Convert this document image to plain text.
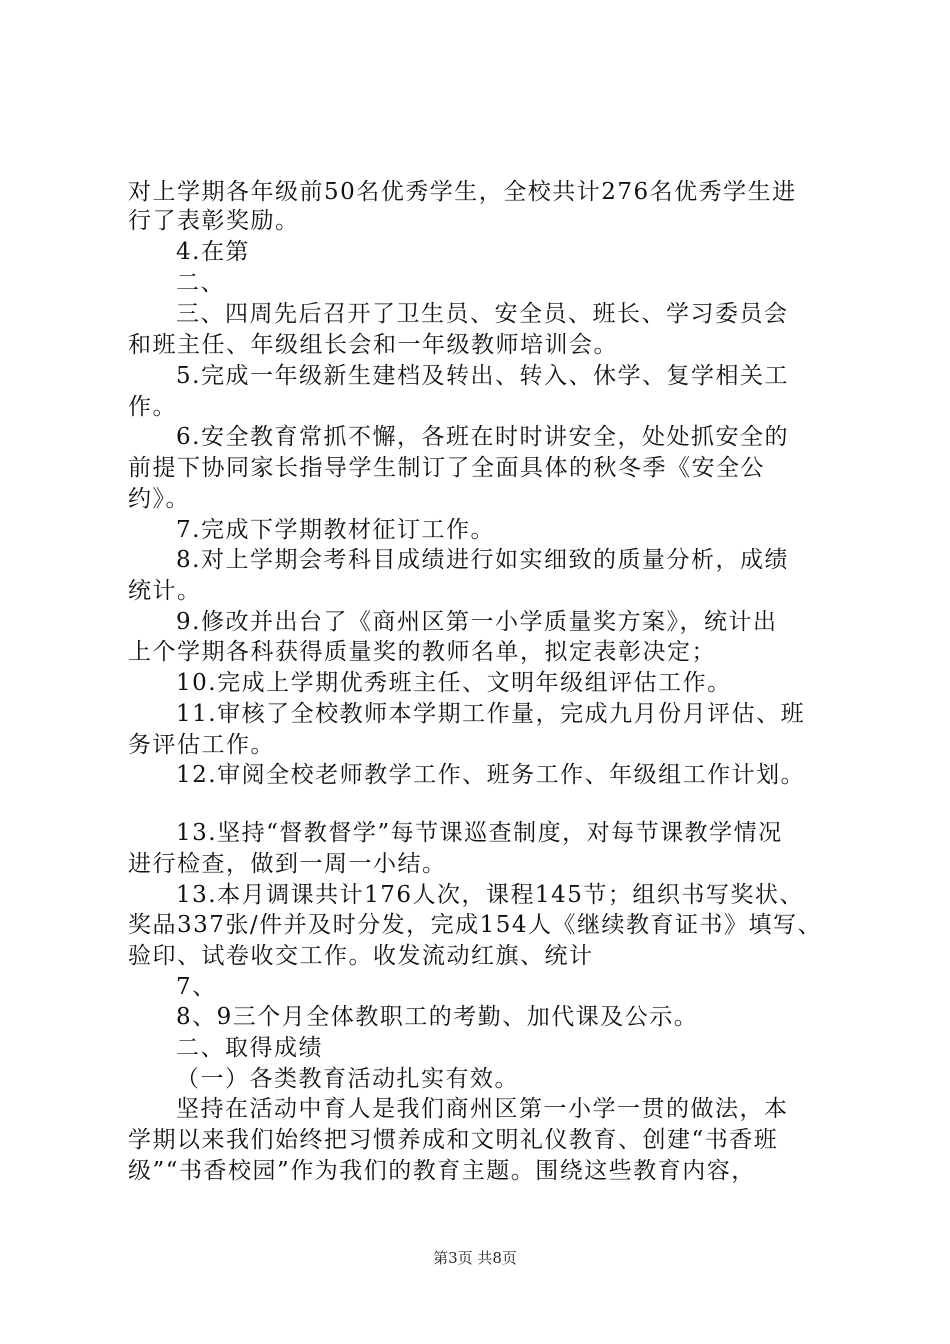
对上学期各年级前50名优秀学生，全校共计276名优秀学生进
行了表彰奖励。
4.在第
二、
三、四周先后召开了卫生员、安全员、班长、学习委员会
和班主任、年级组长会和一年级教师培训会。
5.完成一年级新生建档及转出、转入、休学、复学相关工
作。
6.安全教育常抓不懈，各班在时时讲安全，处处抓安全的
前提下协同家长指导学生制订了全面具体的秋冬季《安全公
约》。
7.完成下学期教材征订工作。
8.对上学期会考科目成绩进行如实细致的质量分析，成绩
统计。
9.修改并出台了《商州区第一小学质量奖方案》，统计出
上个学期各科获得质量奖的教师名单，拟定表彰决定；
10.完成上学期优秀班主任、文明年级组评估工作。
11.审核了全校教师本学期工作量，完成九月份月评估、班
务评估工作。
12.审阅全校老师教学工作、班务工作、年级组工作计划。
13.坚持“督教督学”每节课巡查制度，对每节课教学情况
进行检查，做到一周一小结。
13.本月调课共计176人次，课程145节；组织书写奖状、
奖品337张/件并及时分发，完成154人《继续教育证书》填写、
验印、试卷收交工作。收发流动红旗、统计
7、
8、9三个月全体教职工的考勤、加代课及公示。
二、取得成绩
（一）各类教育活动扎实有效。
坚持在活动中育人是我们商州区第一小学一贯的做法，本
学期以来我们始终把习惯养成和文明礼仪教育、创建“书香班
级”“书香校园”作为我们的教育主题。围绕这些教育内容，
第3页 共8页
